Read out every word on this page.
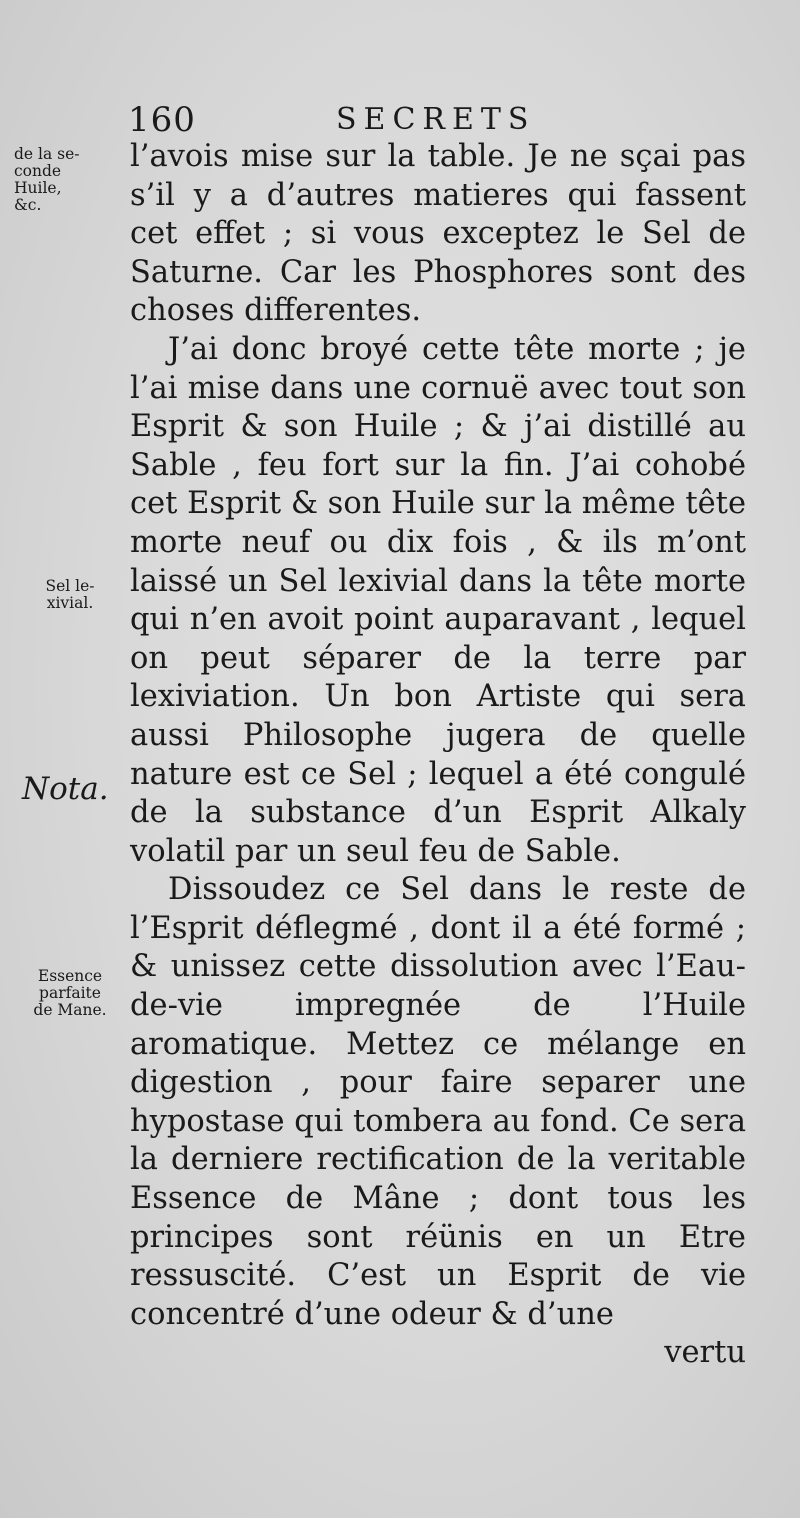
160	SECRETS
de la se-
conde
Huile,
&c.
Sel le-
xivial.
Nota.
Essence
parfaite
de Mane.

l’avois mise sur la table. Je ne sçai pas s’il y a d’autres matieres qui fassent cet effet ; si vous exceptez le Sel de Saturne. Car les Phosphores sont des choses differentes.

J’ai donc broyé cette tête morte ; je l’ai mise dans une cornuë avec tout son Esprit & son Huile ; & j’ai distillé au Sable , feu fort sur la fin. J’ai cohobé cet Esprit & son Huile sur la même tête morte neuf ou dix fois , & ils m’ont laissé un Sel lexivial dans la tête morte qui n’en avoit point auparavant , lequel on peut séparer de la terre par lexiviation. Un bon Artiste qui sera aussi Philosophe jugera de quelle nature est ce Sel ; lequel a été congulé de la substance d’un Esprit Alkaly volatil par un seul feu de Sable.

Dissoudez ce Sel dans le reste de l’Esprit déflegmé , dont il a été formé ; & unissez cette dissolution avec l’Eau-de-vie impregnée de l’Huile aromatique. Mettez ce mélange en digestion , pour faire separer une hypostase qui tombera au fond. Ce sera la derniere rectification de la veritable Essence de Mâne ; dont tous les principes sont réünis en un Etre ressuscité. C’est un Esprit de vie concentré d’une odeur & d’une

vertu
